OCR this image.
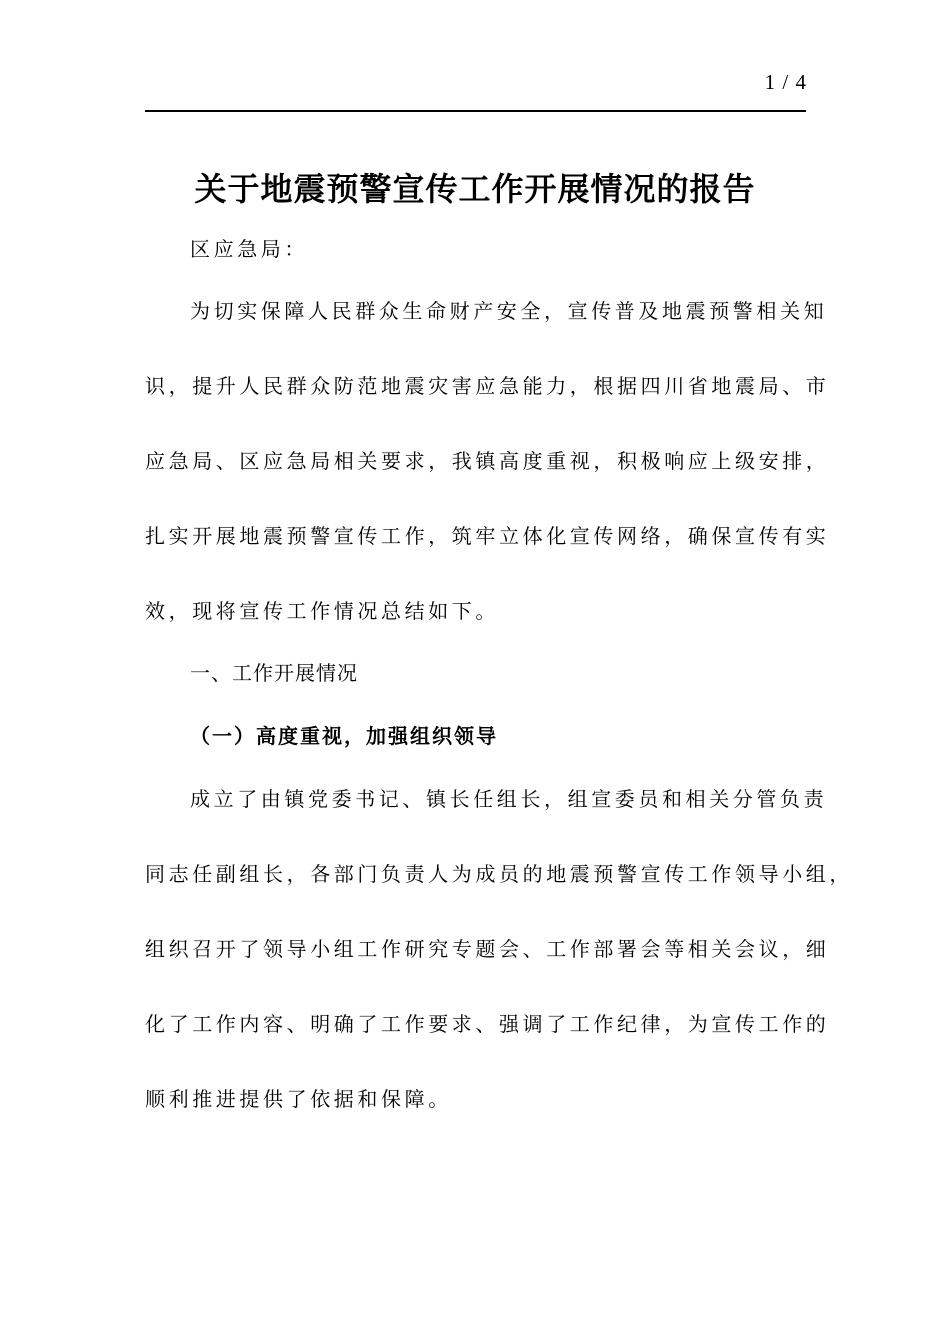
1 / 4
关于地震预警宣传工作开展情况的报告
区应急局：
为切实保障人民群众生命财产安全，宣传普及地震预警相关知
识，提升人民群众防范地震灾害应急能力，根据四川省地震局、市
应急局、区应急局相关要求，我镇高度重视，积极响应上级安排，
扎实开展地震预警宣传工作，筑牢立体化宣传网络，确保宣传有实
效，现将宣传工作情况总结如下。
一、工作开展情况
（一）高度重视，加强组织领导
成立了由镇党委书记、镇长任组长，组宣委员和相关分管负责
同志任副组长，各部门负责人为成员的地震预警宣传工作领导小组，
组织召开了领导小组工作研究专题会、工作部署会等相关会议，细
化了工作内容、明确了工作要求、强调了工作纪律，为宣传工作的
顺利推进提供了依据和保障。
